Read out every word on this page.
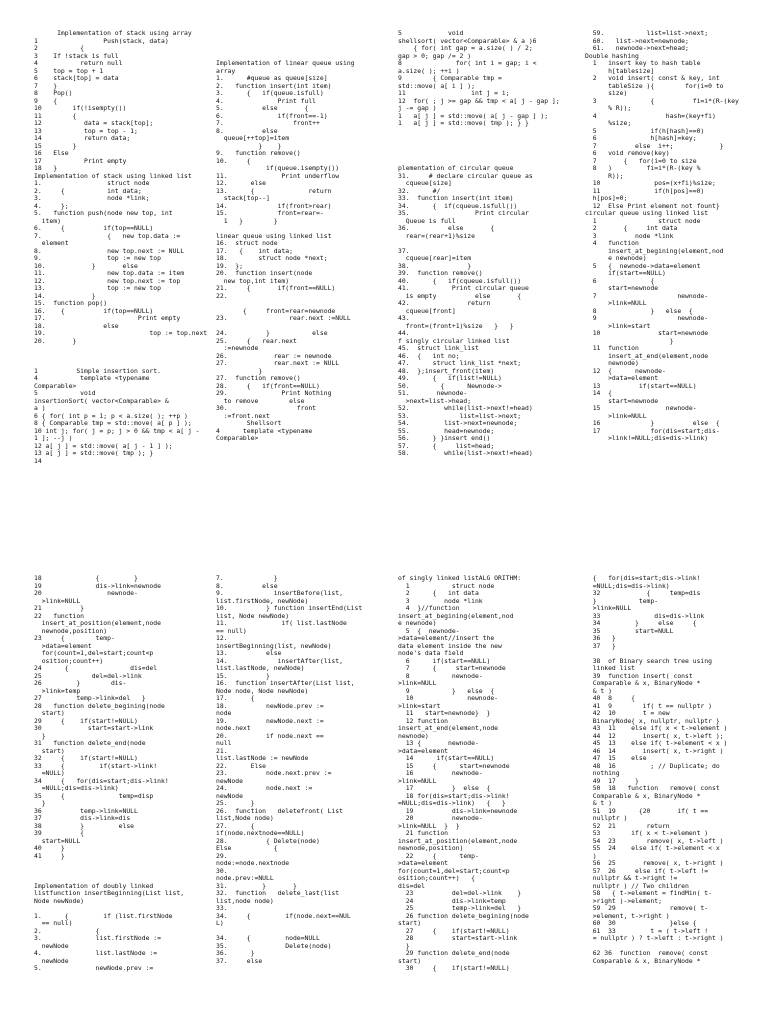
Implementation of stack using array
1                 Push(stack, data)
2           {
3    If !stack is full
4           return null
5    top = top + 1
6    stack[top] = data
7    }
8    Pop()
9    {
10        if(!isempty())
11        {
12           data = stack[top];
13           top = top - 1;
14           return data;
15        }
16   Else
17           Print empty
18   }
Implementation of stack using linked list
1.                 struct node
2.     {           int data;
3.                 node *link;
4.     };
5.   function push(node new top, int
item)
6.     {          if(top==NULL)
7.                 {   new top.data :=
element
8.                 new top.next := NULL
9.                 top := new top
10.            }       else
11.                new top.data := item
12.                new top.next := top
13.                top := new top
14.            }
15.  function pop()
16.    {          if(top==NULL)
17.                        Print empty
18.               else
19.                           top := top.next
20.       }
1          Simple insertion sort.
4           template <typename
Comparable>
5           void
insertionSort( vector<Comparable> &
a )
6 { for( int p = 1; p < a.size( ); ++p )
8 { Comparable tmp = std::move( a[ p ] );
10 int j; for( j = p; j > 0 && tmp < a[ j -
1 ]; --j )
12 a[ j ] = std::move( a[ j - 1 ] );
13 a[ j ] = std::move( tmp ); }
14
Implementation of linear queue using
array
1.      #queue as queue[size]
2.   function insert(int item)
3.      {   if(queue.isfull)
4.              Print full
5.          else       {
6.              if(front==-1)
7.                  front++
8.          else
queue[++top]=item
}    }
9.   function remove()
10.     {
if(queue.isempty())
11.              Print underflow
12.      else
13.      {              return
stack[top--]
14.             if(front>rear)
15.             front=rear=-
1   }        }
linear queue using linked list
16.  struct node
17.   {    int data;
18.        struct node *next;
19.  };
20.  function insert(node
new top,int item)
21.     {       if(front==NULL)
22.
{     front=rear=newnode
23.                rear.next :=NULL
24.          }           else
25.     {   rear.next
:=newnode
26.            rear := newnode
27.            rear.next := NULL
}
27.  function remove()
28.     {   if(front==NULL)
29.              Print Nothing
to remove        else
30.                  front
:=front.next
Shellsort
4      template <typename
Comparable>
5            void
shellsort( vector<Comparable> & a )6
{ for( int gap = a.size( ) / 2;
gap > 0; gap /= 2 )
8              for( int i = gap; i <
a.size( ); ++i )
9        { Comparable tmp =
std::move( a[ i ] );
11                 int j = i;
12  for( ; j >= gap && tmp < a[ j - gap ];
j -= gap )
1   a[ j ] = std::move( a[ j - gap ] );
1   a[ j ] = std::move( tmp ); } }
plementation of circular queue
31.     # declare circular queue as
cqueue[size]
32.      #/
33.  function insert(int item)
34.      {  if(cqueue.isfull())
35.                 Print circular
Queue is full
36.          else       {
rear=(rear+1)%size
37.
cqueue[rear]=item
38.               }
39.  function remove()
40.      {   if(cqueue.isfull())
41.           Print circular queue
is empty          else       {
42.               return
cqueue[front]
43.
front=(front+1)%size   }   }
44.
f singly circular linked list
45.  struct link_list
46.  {   int no;
47.      struct link_list *next;
48.  };insert_front(item)
49.      {   if(list!=NULL)
50.        {      Newnode->
51.       newnode-
>next=list->head;
52.         while(list->next!=head)
53.             list=list->next;
54.         list->next=newnode;
55.         head=newnode;
56.      } }insert end()
57.      {     list=head;
58.         while(list->next!=head)
59.           list=list->next;
60.   list->next=newnode;
61.   newnode->next=head;
Double hashing
1   insert key to hash table
h[tablesize]
2   void insert( const & key, int
tableSize ){        for(i=0 to
size)
3              {          fi=i*(R-(key
% R));
4                  hash=(key+fi)
%size;
5              if(h[hash]==0)
6              h[hash]=key;
7          else  i++;            }
6   void remove(key)
7       {   for(i=0 to size
8   )         fi=i*(R-(key %
R));
10              pos=(x+fi)%size;
11              if(h[pos]==0)
h[pos]=0;
12  Else Print element not fount}
circular queue using linked list
1                struct node
2       {     int data
3          node *link
4   function
insert_at_begining(element,nod
e newnode)
5   {  newnode->data=element
if(start==NULL)
6              {
start=newnode
7                     newnode-
>link=NULL
8              }   else  {
9                     newnode-
>link=start
10               start=newnode
}
11  function
insert_at_end(element,node
newnode)
12  {      newnode-
>data=element
13          if(start==NULL)
14  {
start=newnode
15                 newnode-
>link=NULL
16             }          else  {
17             for(dis=start;dis-
>link!=NULL;dis=dis->link)
18              {         }
19              dis->link=newnode
20                 newnode-
>link=NULL
21          }
22   function
insert_at_position(element,node
newnode,position)
23     {        temp-
>data=element
for(count=1,del=start;count<p
osition;count++)
24      {                dis=del
25             del=del->link
26         }        dis-
>link=temp
27         temp->link=del   }
28   function delete_begining(node
start)
29     {    if(start!=NULL)
30            start=start->link
}
31   function delete_end(node
start)
32     {    if(start!=NULL)
33     {         if(start->link!
=NULL)
34     {   for(dis=start;dis->link!
=NULL;dis=dis->link)
35     {              temp=disp
}
36          temp->link=NULL
37          dis->link=dis
38          }         else
39          {
start=NULL
40     }
41     }
Implementation of doubly linked
listfunction insertBeginning(List list,
Node newNode)
1.      {         if (list.firstNode
== null)
2.              {
3.              list.firstNode :=
newNode
4.              list.lastNode :=
newNode
5.              newNode.prev :=
7.             }
8.          else
9.             insertBefore(list,
list.firstNode, newNode)
10.          } function insertEnd(List
list, Node newNode)
11.              if( list.lastNode
== null)
12.
insertBeginning(list, newNode)
13.          else
14.             insertAfter(list,
list.lastNode, newNode)
15.          }
16.  function insertAfter(List list,
Node node, Node newNode)
17.      {
18.          newNode.prev :=
node
19.          newNode.next :=
node.next
20.          if node.next ==
null
21.
list.lastNode := newNode
22.      Else
23.          node.next.prev :=
newNode
24.          node.next :=
newNode
25.      }
26.  function   deletefront( List
list,Node node)
27.      {
if(node.nextnode==NULL)
28.          { Delete(node)
Else           {
29.
node:=node.nextnode
30.
node.prev:=NULL
31.         }       }
32.  function   delete_last(list
list,node node)
33.
34.     {         if(node.next==NUL
L)
34.     {         node=NULL
35.               Delete(node)
36.      }
37.     else
of singly linked listALG ORITHM:
1           struct node
2      {   int data
3         node *link
4  }//function
insert_at_begining(element,nod
e newnode)
5  {  newnode-
>data=element//insert the
data element inside the new
node's data field
6      if(start==NULL)
7      {     start=newnode
8           newnode-
>link=NULL
9           }   else  {
10              newnode-
>link=start
11   start=newnode}  }
12 function
insert_at_end(element,node
newnode)
13 {       newnode-
>data=element
14      if(start==NULL)
15     {      start=newnode
16          newnode-
>link=NULL
17          }  else  {
18 for(dis=start;dis->link!
=NULL;dis=dis->link)   {   }
19          dis->link=newnode
20          newnode-
>link=NULL  }  }
21 function
insert_at_position(element,node
newnode,position)
22     {      temp-
>data=element
for(count=1,del=start;count<p
osition;count++)   {
dis=del
23          del=del->link    }
24          dis->link=temp
25          temp->link=del   }
26 function delete_begining(node
start)
27     {    if(start!=NULL)
28          start=start->link
}
29 function delete_end(node
start)
30     {    if(start!=NULL)
{   for(dis=start;dis->link!
=NULL;dis=dis->link)
32            {     temp=dis
}           temp-
>link=NULL
33              dis=dis->link
34         }     else     {
35         start=NULL
36   }
37   }
38  of Binary search tree using
linked list
39  function insert( const
Comparable & x, BinaryNode *
& t )
40  8     {
41  9        if( t == nullptr )
42  10       t = new
BinaryNode{ x, nullptr, nullptr }
43  11    else if( x < t->element )
44  12       insert( x, t->left );
45  13    else if( t->element < x )
46  14       insert( x, t->right )
47  15    else
48  16         ; // Duplicate; do
nothing
49  17     }
50  18   function   remove( const
Comparable & x, BinaryNode *
& t )
51  19      {20       if( t ==
nullptr )
52  21        return
53        if( x < t->element )
54  23        remove( x, t->left )
55  24    else if( t->element < x
)
56  25       remove( x, t->right )
57  26     else if( t->left !=
nullptr && t->right !=
nullptr ) // Two children
58   { t->element = findMin( t-
>right )->element;
59  29              remove( t-
>element, t->right )
60  30              }else {
61  33         t = ( t->left !
= nullptr ) ? t->left : t->right )
62 36  function  remove( const
Comparable & x, BinaryNode *
